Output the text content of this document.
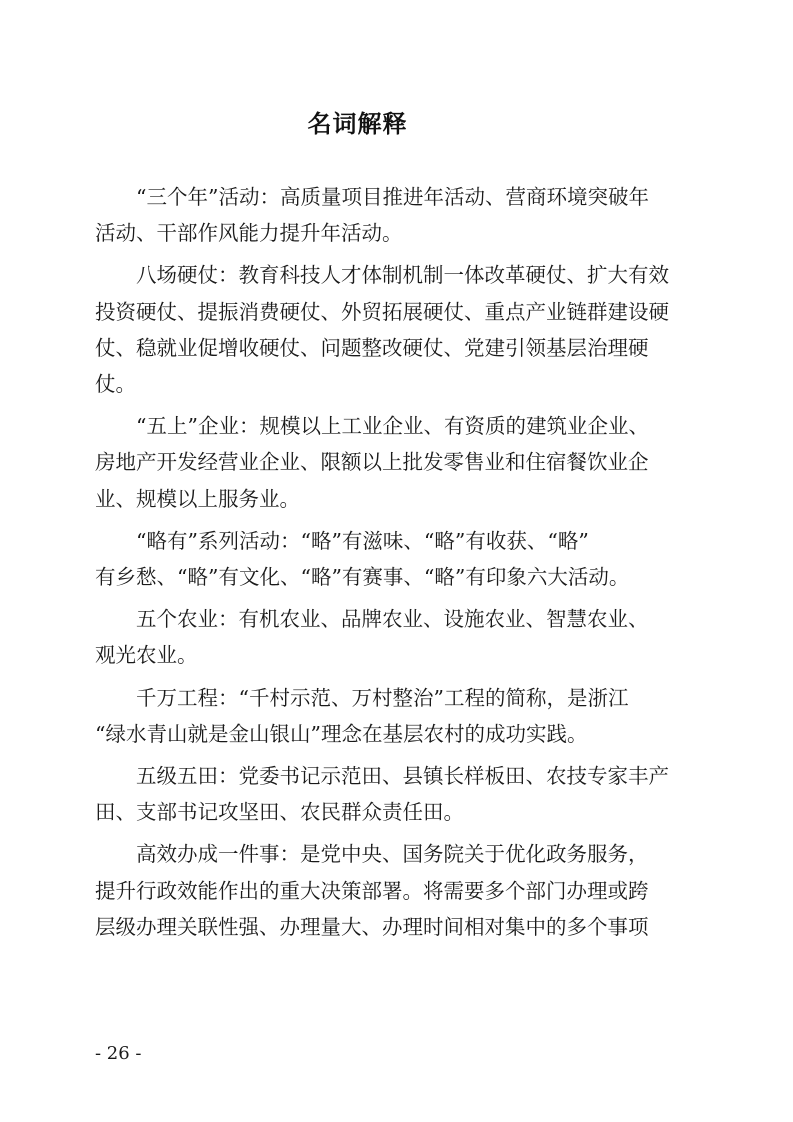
名词解释

“三个年”活动：高质量项目推进年活动、营商环境突破年
活动、干部作风能力提升年活动。

八场硬仗：教育科技人才体制机制一体改革硬仗、扩大有效
投资硬仗、提振消费硬仗、外贸拓展硬仗、重点产业链群建设硬
仗、稳就业促增收硬仗、问题整改硬仗、党建引领基层治理硬
仗。

“五上”企业：规模以上工业企业、有资质的建筑业企业、
房地产开发经营业企业、限额以上批发零售业和住宿餐饮业企
业、规模以上服务业。

“略有”系列活动：“略”有滋味、“略”有收获、“略”
有乡愁、“略”有文化、“略”有赛事、“略”有印象六大活动。

五个农业：有机农业、品牌农业、设施农业、智慧农业、
观光农业。

千万工程：“千村示范、万村整治”工程的简称，是浙江
“绿水青山就是金山银山”理念在基层农村的成功实践。

五级五田：党委书记示范田、县镇长样板田、农技专家丰产
田、支部书记攻坚田、农民群众责任田。

高效办成一件事：是党中央、国务院关于优化政务服务，
提升行政效能作出的重大决策部署。将需要多个部门办理或跨
层级办理关联性强、办理量大、办理时间相对集中的多个事项

- 26 -
